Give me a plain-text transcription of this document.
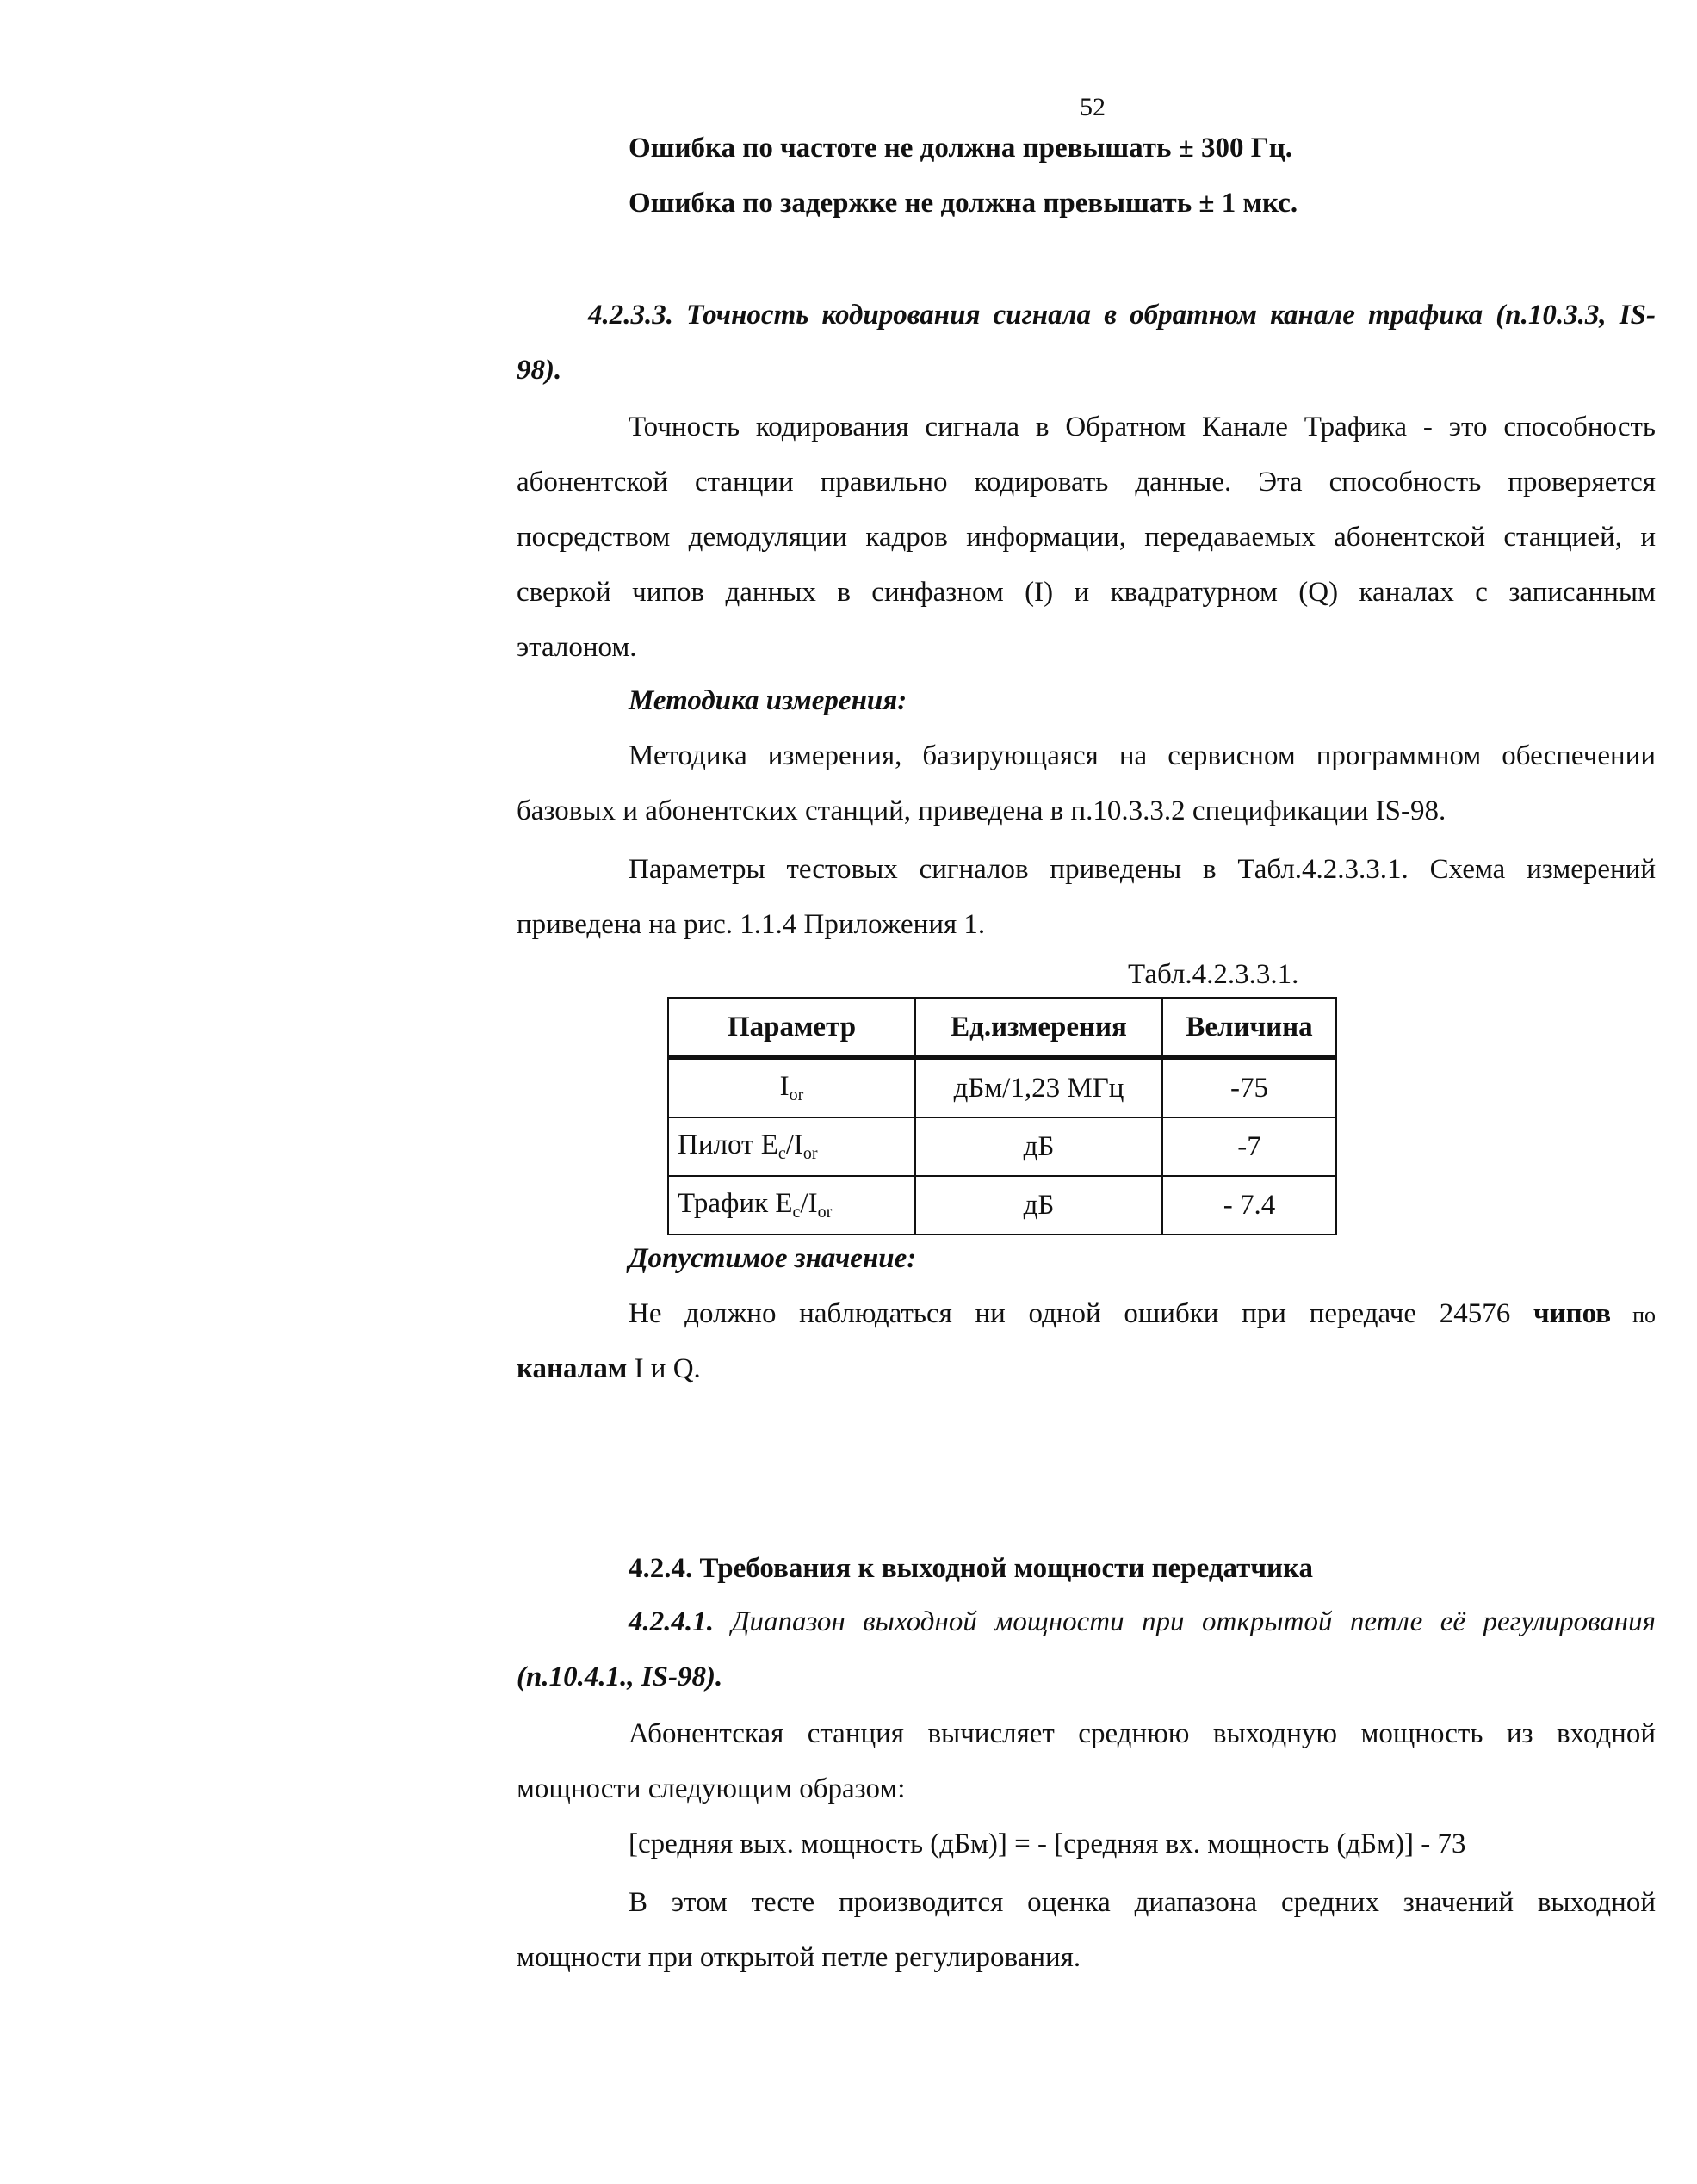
52
Ошибка по частоте не должна превышать ± 300 Гц.
Ошибка по задержке не должна превышать ± 1 мкс.
4.2.3.3. Точность кодирования сигнала в обратном канале трафика (п.10.3.3, IS-
98).
Точность кодирования сигнала в Обратном Канале Трафика - это способность
абонентской станции правильно кодировать данные. Эта способность проверяется
посредством демодуляции кадров информации, передаваемых абонентской станцией, и
сверкой чипов данных в синфазном (I) и квадратурном (Q) каналах с записанным
эталоном.
Методика измерения:
Методика измерения, базирующаяся на сервисном программном обеспечении
базовых и абонентских станций, приведена в п.10.3.3.2 спецификации IS-98.
Параметры тестовых сигналов приведены в Табл.4.2.3.3.1. Схема измерений
приведена на рис. 1.1.4 Приложения 1.
Табл.4.2.3.3.1.
Параметр	Ед.измерения	Величина
$I_{or}$	дБм/1,23 МГц	-75
Пилот $E_c/I_{or}$	дБ	-7
Трафик $E_c/I_{or}$	дБ	- 7.4
Допустимое значение:
Не должно наблюдаться ни одной ошибки при передаче 24576 чипов по
каналам I и Q.
4.2.4. Требования к выходной мощности передатчика
4.2.4.1. Диапазон выходной мощности при открытой петле её регулирования
(п.10.4.1., IS-98).
Абонентская станция вычисляет среднюю выходную мощность из входной
мощности следующим образом:
[средняя вых. мощность (дБм)] = - [средняя вх. мощность (дБм)] - 73
В этом тесте производится оценка диапазона средних значений выходной
мощности при открытой петле регулирования.
